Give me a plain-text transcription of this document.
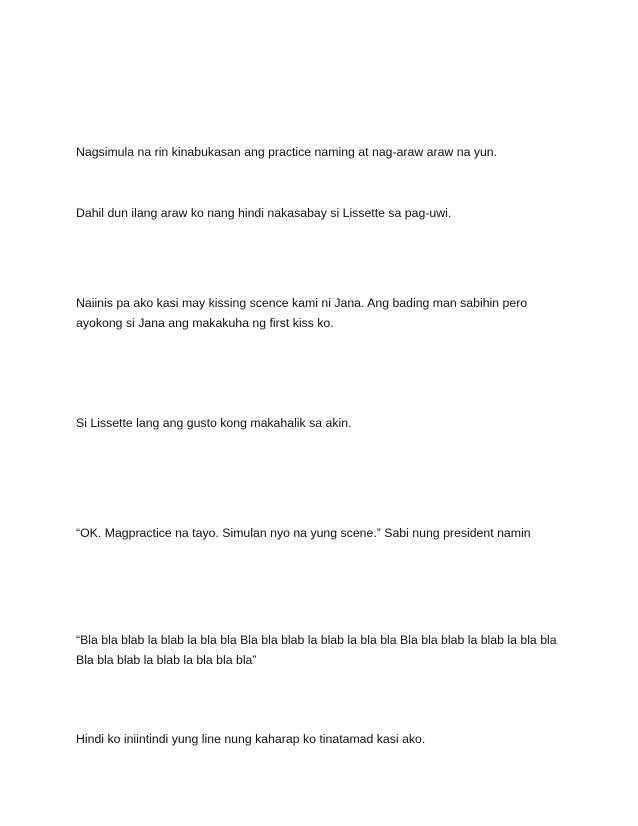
Nagsimula na rin kinabukasan ang practice naming at nag-araw araw na yun.

Dahil dun ilang araw ko nang hindi nakasabay si Lissette sa pag-uwi.

Naiinis pa ako kasi may kissing scence kami ni Jana. Ang bading man sabihin pero ayokong si Jana ang makakuha ng first kiss ko.

Si Lissette lang ang gusto kong makahalik sa akin.

“OK. Magpractice na tayo. Simulan nyo na yung scene.” Sabi nung president namin

“Bla bla blab la blab la bla bla Bla bla blab la blab la bla bla Bla bla blab la blab la bla bla Bla bla blab la blab la bla bla bla”

Hindi ko iniintindi yung line nung kaharap ko tinatamad kasi ako.
